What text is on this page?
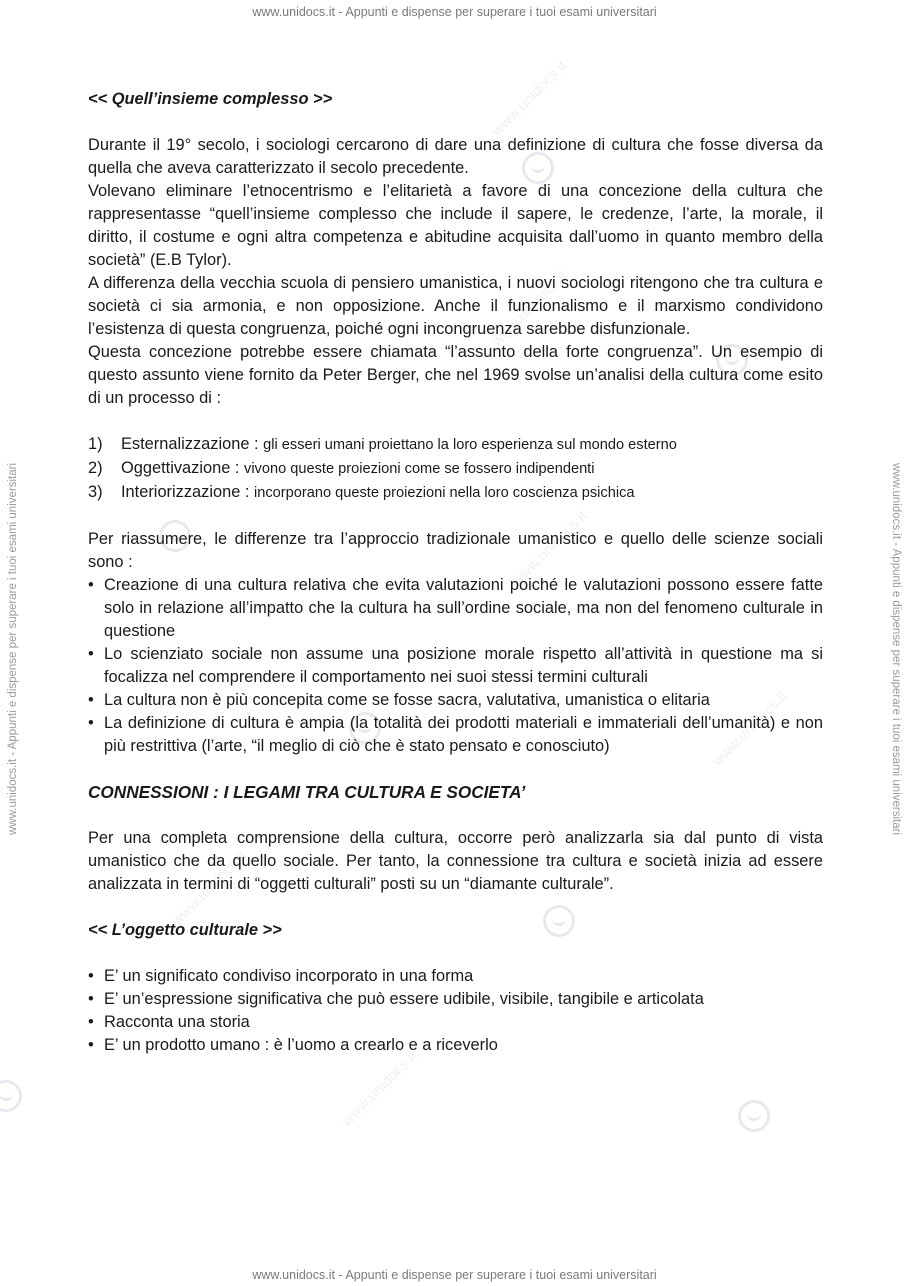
www.unidocs.it - Appunti e dispense per superare i tuoi esami universitari
www.unidocs.it - Appunti e dispense per superare i tuoi esami universitari
www.unidocs.it - Appunti e dispense per superare i tuoi esami universitari	www.unidocs.it - Appunti e dispense per superare i tuoi esami universitari
www.unidocs.it
www.unidocs.it
www.unidocs.it
www.unidocs.it
www.unidocs.it
www.unidocs.it
<< Quell’insieme complesso >>

Durante il 19° secolo, i sociologi cercarono di dare una definizione di cultura che fosse diversa da quella che aveva caratterizzato il secolo precedente.

Volevano eliminare l’etnocentrismo e l’elitarietà a favore di una concezione della cultura che rappresentasse “quell’insieme complesso che include il sapere, le credenze, l’arte, la morale, il diritto, il costume e ogni altra competenza e abitudine acquisita dall’uomo in quanto membro della società” (E.B Tylor).

A differenza della vecchia scuola di pensiero umanistica, i nuovi sociologi ritengono che tra cultura e società ci sia armonia, e non opposizione. Anche il funzionalismo e il marxismo condividono l’esistenza di questa congruenza, poiché ogni incongruenza sarebbe disfunzionale.

Questa concezione potrebbe essere chiamata “l’assunto della forte congruenza”. Un esempio di questo assunto viene fornito da Peter Berger, che nel 1969 svolse un’analisi della cultura come esito di un processo di :

1) Esternalizzazione : gli esseri umani proiettano la loro esperienza sul mondo esterno
2) Oggettivazione : vivono queste proiezioni come se fossero indipendenti
3) Interiorizzazione : incorporano queste proiezioni nella loro coscienza psichica

Per riassumere, le differenze tra l’approccio tradizionale umanistico e quello delle scienze sociali sono :

• Creazione di una cultura relativa che evita valutazioni poiché le valutazioni possono essere fatte solo in relazione all’impatto che la cultura ha sull’ordine sociale, ma non del fenomeno culturale in questione
• Lo scienziato sociale non assume una posizione morale rispetto all’attività in questione ma si focalizza nel comprendere il comportamento nei suoi stessi termini culturali
• La cultura non è più concepita come se fosse sacra, valutativa, umanistica o elitaria
• La definizione di cultura è ampia (la totalità dei prodotti materiali e immateriali dell’umanità) e non più restrittiva (l’arte, “il meglio di ciò che è stato pensato e conosciuto)
CONNESSIONI : I LEGAMI TRA CULTURA E SOCIETA’

Per una completa comprensione della cultura, occorre però analizzarla sia dal punto di vista umanistico che da quello sociale. Per tanto, la connessione tra cultura e società inizia ad essere analizzata in termini di “oggetti culturali” posti su un “diamante culturale”.

<< L’oggetto culturale >>
• E’ un significato condiviso incorporato in una forma
• E’ un’espressione significativa che può essere udibile, visibile, tangibile e articolata
• Racconta una storia
• E’ un prodotto umano : è l’uomo a crearlo e a riceverlo
